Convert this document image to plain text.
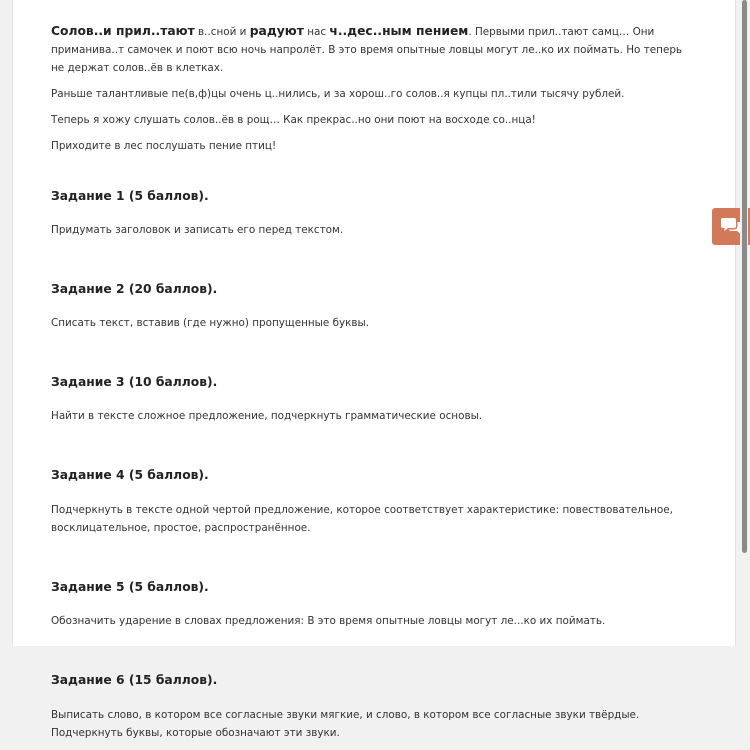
Солов..и прил..тают в..сной и радуют нас ч..дес..ным пением. Первыми прил..тают самц… Они приманива..т самочек и поют всю ночь напролёт. В это время опытные ловцы могут ле..ко их поймать. Но теперь не держат солов..ёв в клетках.

Раньше талантливые пе(в,ф)цы очень ц..нились, и за хорош..го солов..я купцы пл..тили тысячу рублей.

Теперь я хожу слушать солов..ёв в рощ… Как прекрас..но они поют на восходе со..нца!

Приходите в лес послушать пение птиц!

Задание 1 (5 баллов).

Придумать заголовок и записать его перед текстом.

Задание 2 (20 баллов).

Списать текст, вставив (где нужно) пропущенные буквы.

Задание 3 (10 баллов).

Найти в тексте сложное предложение, подчеркнуть грамматические основы.

Задание 4 (5 баллов).

Подчеркнуть в тексте одной чертой предложение, которое соответствует характеристике: повествовательное, восклицательное, простое, распространённое.

Задание 5 (5 баллов).

Обозначить ударение в словах предложения: В это время опытные ловцы могут ле...ко их поймать.

Задание 6 (15 баллов).

Выписать слово, в котором все согласные звуки мягкие, и слово, в котором все согласные звуки твёрдые. Подчеркнуть буквы, которые обозначают эти звуки.
